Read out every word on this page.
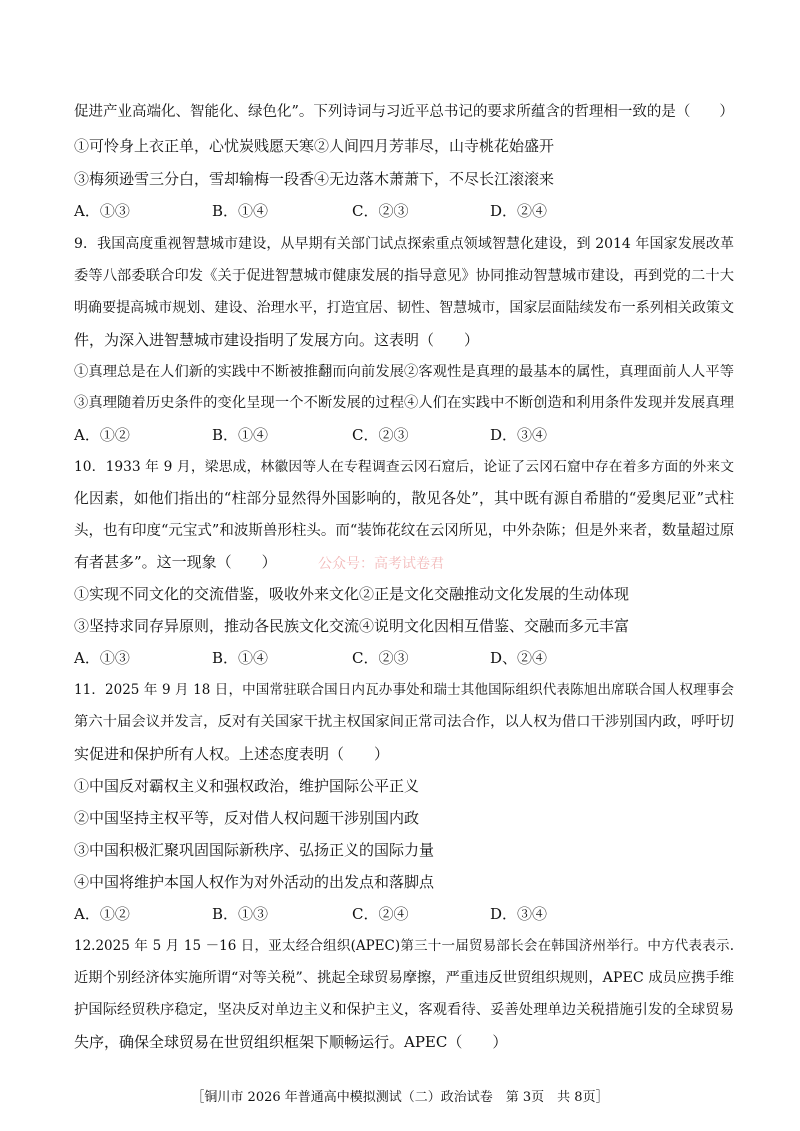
促进产业高端化、智能化、绿色化”。下列诗词与习近平总书记的要求所蕴含的哲理相一致的是（　　）
①可怜身上衣正单，心忧炭贱愿天寒②人间四月芳菲尽，山寺桃花始盛开
③梅须逊雪三分白，雪却输梅一段香④无边落木萧萧下，不尽长江滚滚来
A．①③	B．①④	C．②③	D．②④
9．我国高度重视智慧城市建设，从早期有关部门试点探索重点领域智慧化建设，到 2014 年国家发展改革
委等八部委联合印发《关于促进智慧城市健康发展的指导意见》协同推动智慧城市建设，再到党的二十大
明确要提高城市规划、建设、治理水平，打造宜居、韧性、智慧城市，国家层面陆续发布一系列相关政策文
件，为深入进智慧城市建设指明了发展方向。这表明（　　）
①真理总是在人们新的实践中不断被推翻而向前发展②客观性是真理的最基本的属性，真理面前人人平等
③真理随着历史条件的变化呈现一个不断发展的过程④人们在实践中不断创造和利用条件发现并发展真理
A．①②	B．①④	C．②③	D．③④
10．1933 年 9 月，梁思成，林徽因等人在专程调查云冈石窟后，论证了云冈石窟中存在着多方面的外来文
化因素，如他们指出的“柱部分显然得外国影响的，散见各处”，其中既有源自希腊的“爱奥尼亚”式柱
头，也有印度“元宝式”和波斯兽形柱头。而“装饰花纹在云冈所见，中外杂陈；但是外来者，数量超过原
有者甚多”。这一现象（　　）	公众号：高考试卷君
①实现不同文化的交流借鉴，吸收外来文化②正是文化交融推动文化发展的生动体现
③坚持求同存异原则，推动各民族文化交流④说明文化因相互借鉴、交融而多元丰富
A．①③	B．①④	C．②③	D、②④
11．2025 年 9 月 18 日，中国常驻联合国日内瓦办事处和瑞士其他国际组织代表陈旭出席联合国人权理事会
第六十届会议并发言，反对有关国家干扰主权国家间正常司法合作，以人权为借口干涉别国内政，呼吁切
实促进和保护所有人权。上述态度表明（　　）
①中国反对霸权主义和强权政治，维护国际公平正义
②中国坚持主权平等，反对借人权问题干涉别国内政
③中国积极汇聚巩固国际新秩序、弘扬正义的国际力量
④中国将维护本国人权作为对外活动的出发点和落脚点
A．①②	B．①③	C．②④	D．③④
12.2025 年 5 月 15 －16 日，亚太经合组织(APEC)第三十一届贸易部长会在韩国济州举行。中方代表表示.
近期个别经济体实施所谓“对等关税”、挑起全球贸易摩擦，严重违反世贸组织规则，APEC 成员应携手维
护国际经贸秩序稳定，坚决反对单边主义和保护主义，客观看待、妥善处理单边关税措施引发的全球贸易
失序，确保全球贸易在世贸组织框架下顺畅运行。APEC（　　）
［铜川市 2026 年普通高中模拟测试（二）政治试卷　第 3页　共 8页］
